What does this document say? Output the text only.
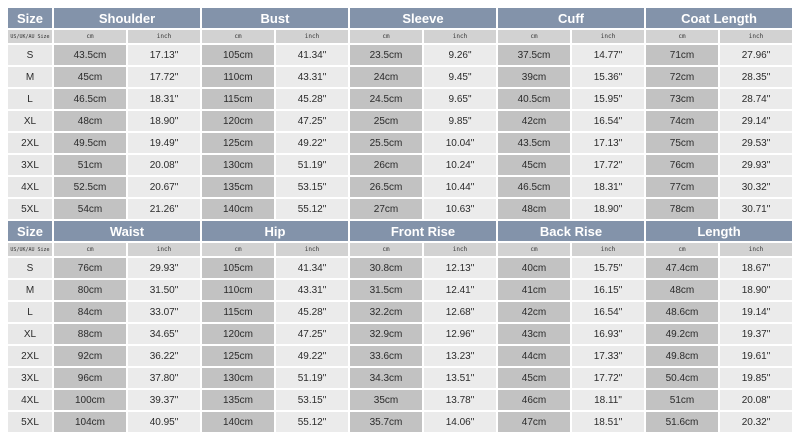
Size	Shoulder		Bust		Sleeve		Cuff		Coat Length	
US/UK/AU Size	cm	inch	cm	inch	cm	inch	cm	inch	cm	inch
S	43.5cm	17.13"	105cm	41.34"	23.5cm	9.26"	37.5cm	14.77"	71cm	27.96"
M	45cm	17.72"	110cm	43.31"	24cm	9.45"	39cm	15.36"	72cm	28.35"
L	46.5cm	18.31"	115cm	45.28"	24.5cm	9.65"	40.5cm	15.95"	73cm	28.74"
XL	48cm	18.90"	120cm	47.25"	25cm	9.85"	42cm	16.54"	74cm	29.14"
2XL	49.5cm	19.49"	125cm	49.22"	25.5cm	10.04"	43.5cm	17.13"	75cm	29.53"
3XL	51cm	20.08"	130cm	51.19"	26cm	10.24"	45cm	17.72"	76cm	29.93"
4XL	52.5cm	20.67"	135cm	53.15"	26.5cm	10.44"	46.5cm	18.31"	77cm	30.32"
5XL	54cm	21.26"	140cm	55.12"	27cm	10.63"	48cm	18.90"	78cm	30.71"
Size	Waist		Hip		Front Rise		Back Rise		Length	
US/UK/AU Size	cm	inch	cm	inch	cm	inch	cm	inch	cm	inch
S	76cm	29.93"	105cm	41.34"	30.8cm	12.13"	40cm	15.75"	47.4cm	18.67"
M	80cm	31.50"	110cm	43.31"	31.5cm	12.41"	41cm	16.15"	48cm	18.90"
L	84cm	33.07"	115cm	45.28"	32.2cm	12.68"	42cm	16.54"	48.6cm	19.14"
XL	88cm	34.65"	120cm	47.25"	32.9cm	12.96"	43cm	16.93"	49.2cm	19.37"
2XL	92cm	36.22"	125cm	49.22"	33.6cm	13.23"	44cm	17.33"	49.8cm	19.61"
3XL	96cm	37.80"	130cm	51.19"	34.3cm	13.51"	45cm	17.72"	50.4cm	19.85"
4XL	100cm	39.37"	135cm	53.15"	35cm	13.78"	46cm	18.11"	51cm	20.08"
5XL	104cm	40.95"	140cm	55.12"	35.7cm	14.06"	47cm	18.51"	51.6cm	20.32"
